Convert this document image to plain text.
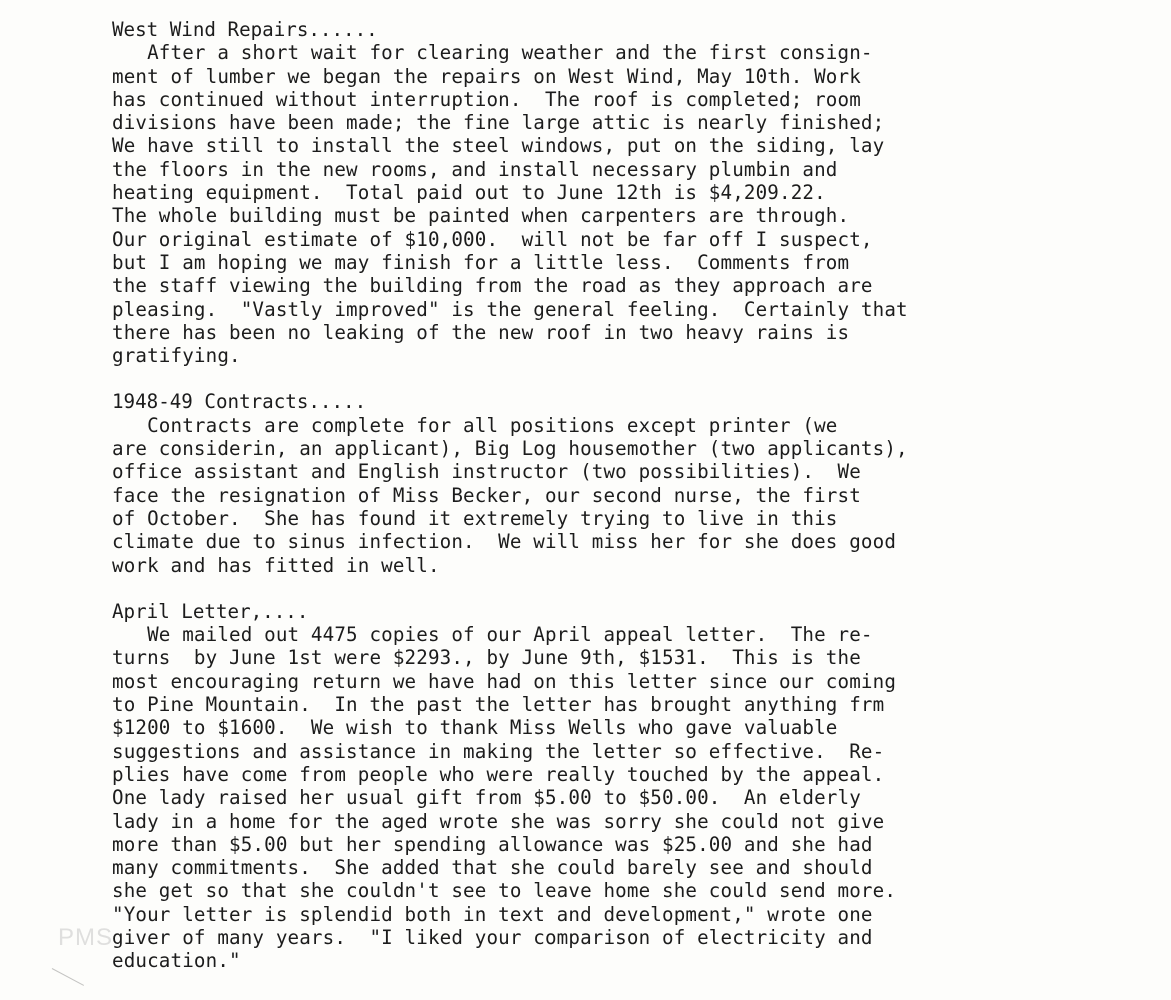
West Wind Repairs......
After a short wait for clearing weather and the first consign-
ment of lumber we began the repairs on West Wind, May 10th. Work
has continued without interruption.  The roof is completed; room
divisions have been made; the fine large attic is nearly finished;
We have still to install the steel windows, put on the siding, lay
the floors in the new rooms, and install necessary plumbin and
heating equipment.  Total paid out to June 12th is $4,209.22.
The whole building must be painted when carpenters are through.
Our original estimate of $10,000.  will not be far off I suspect,
but I am hoping we may finish for a little less.  Comments from
the staff viewing the building from the road as they approach are
pleasing.  "Vastly improved" is the general feeling.  Certainly that
there has been no leaking of the new roof in two heavy rains is
gratifying.
1948-49 Contracts.....
Contracts are complete for all positions except printer (we
are considerin, an applicant), Big Log housemother (two applicants),
office assistant and English instructor (two possibilities).  We
face the resignation of Miss Becker, our second nurse, the first
of October.  She has found it extremely trying to live in this
climate due to sinus infection.  We will miss her for she does good
work and has fitted in well.
April Letter,....
We mailed out 4475 copies of our April appeal letter.  The re-
turns  by June 1st were $2293., by June 9th, $1531.  This is the
most encouraging return we have had on this letter since our coming
to Pine Mountain.  In the past the letter has brought anything frm
$1200 to $1600.  We wish to thank Miss Wells who gave valuable
suggestions and assistance in making the letter so effective.  Re-
plies have come from people who were really touched by the appeal.
One lady raised her usual gift from $5.00 to $50.00.  An elderly
lady in a home for the aged wrote she was sorry she could not give
more than $5.00 but her spending allowance was $25.00 and she had
many commitments.  She added that she could barely see and should
she get so that she couldn't see to leave home she could send more.
"Your letter is splendid both in text and development," wrote one
giver of many years.  "I liked your comparison of electricity and
education."
PMS
